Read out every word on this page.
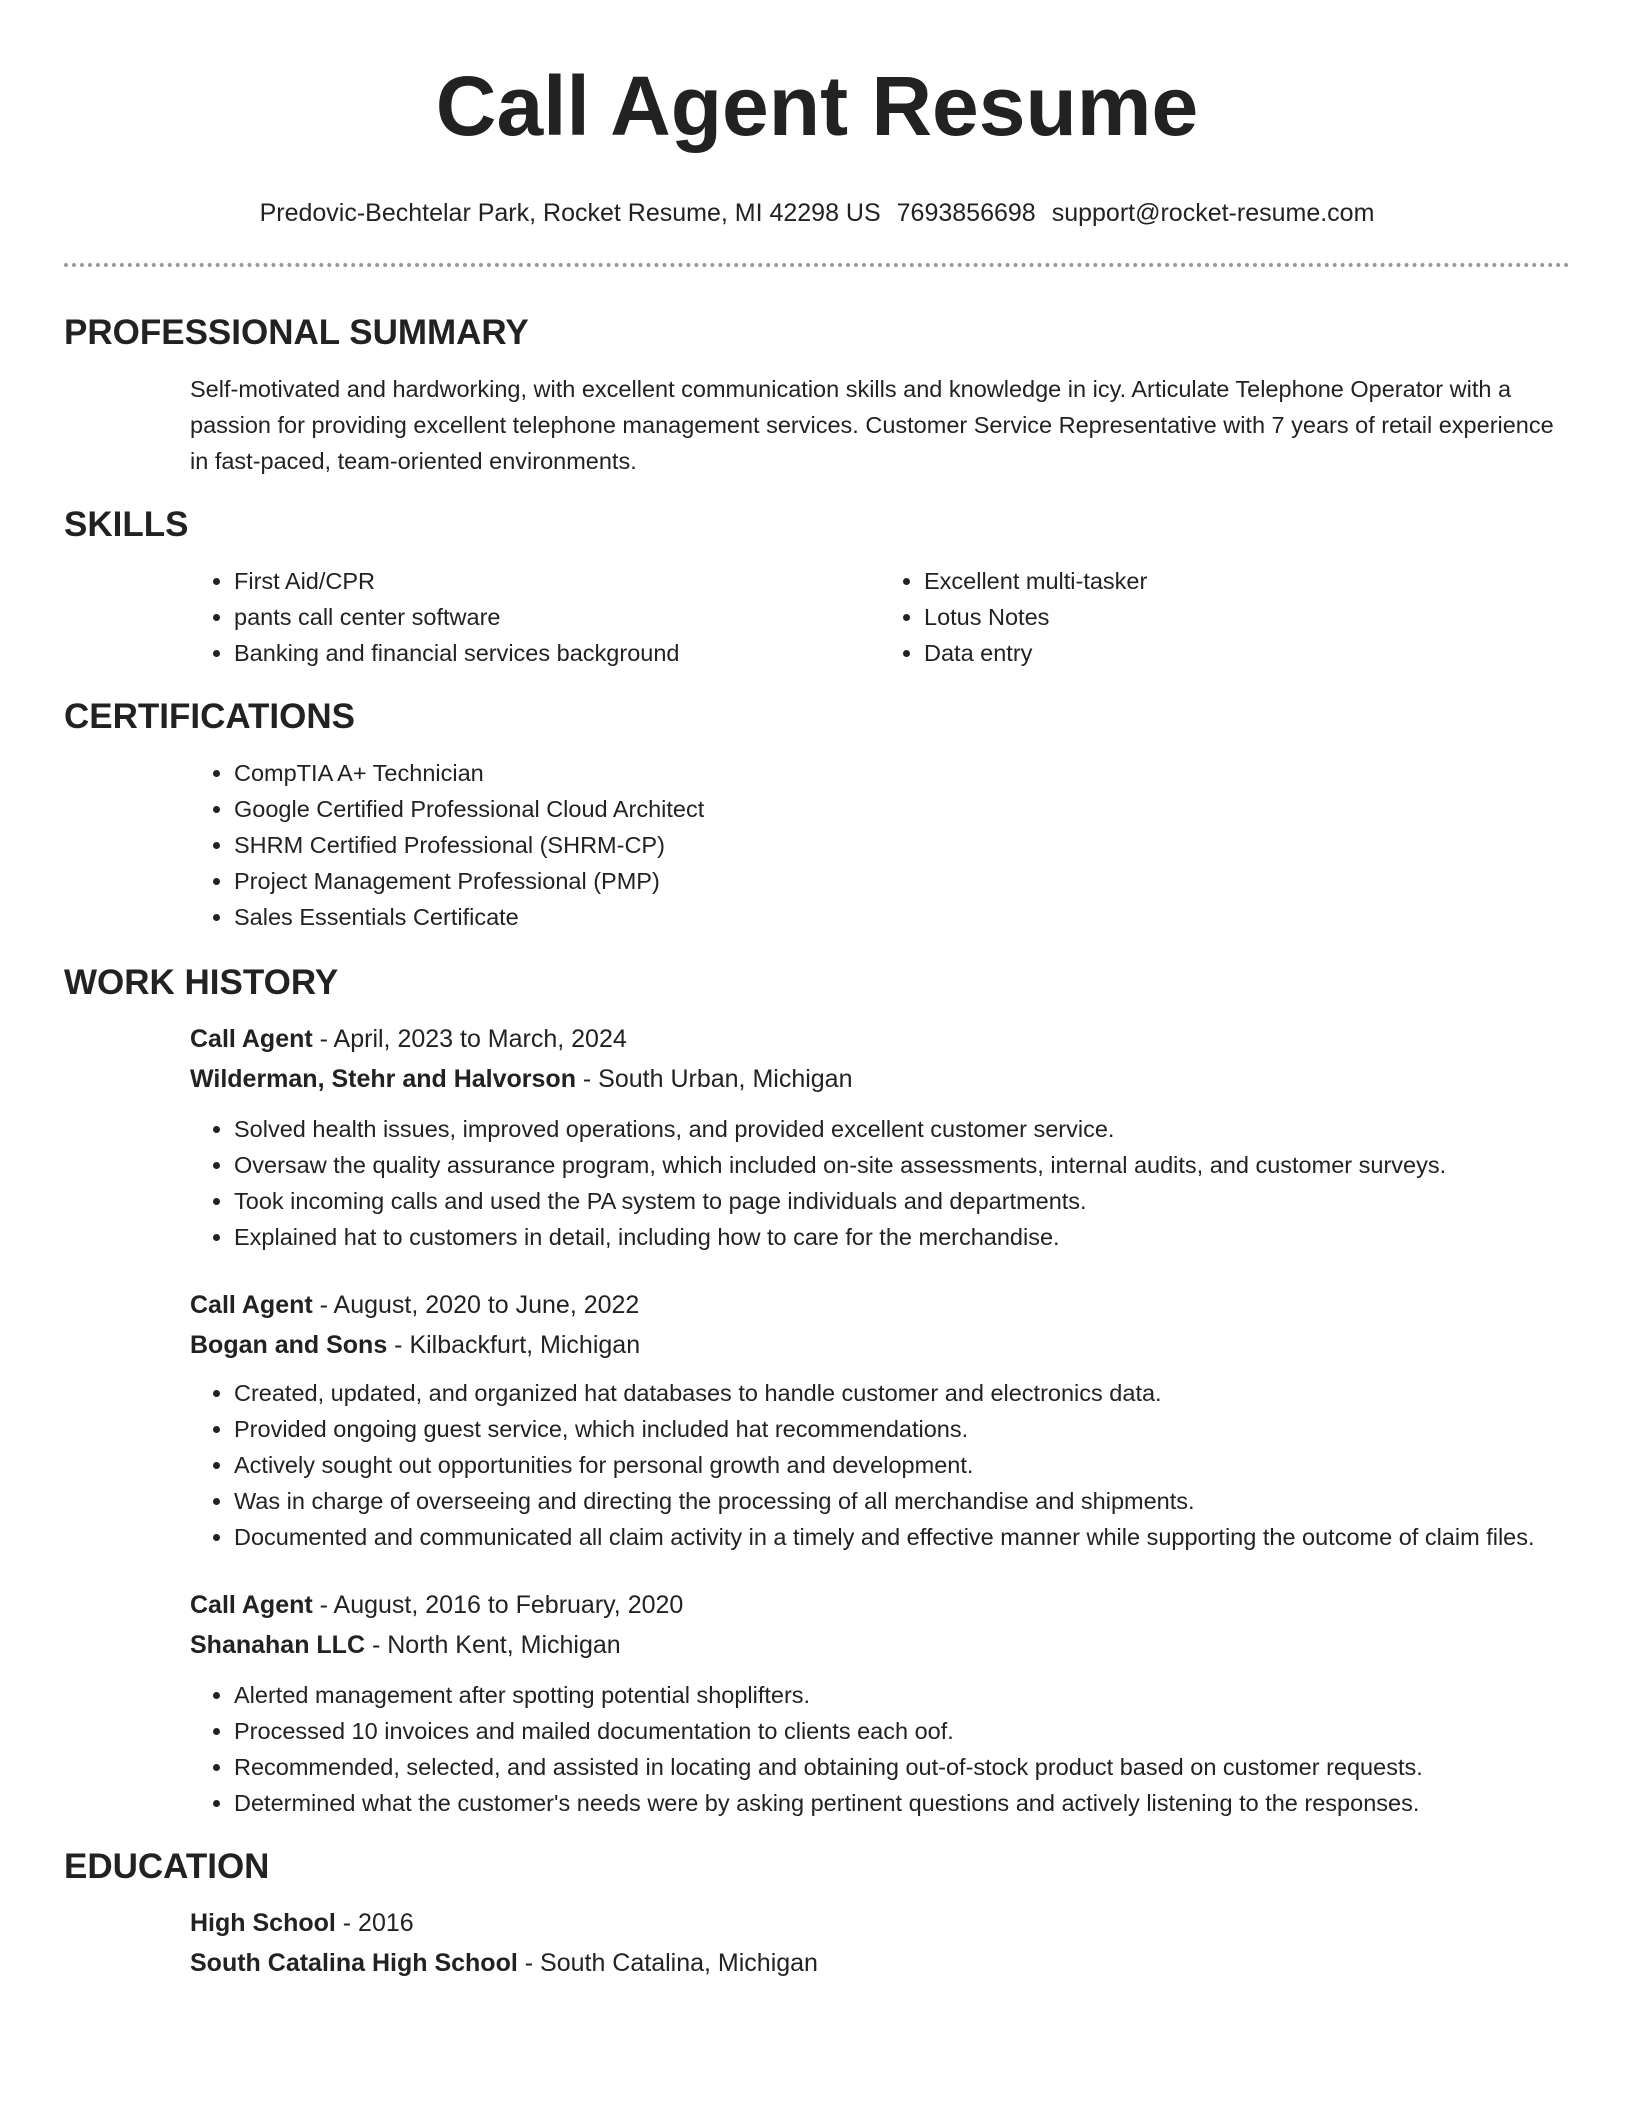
Call Agent Resume
Predovic-Bechtelar Park, Rocket Resume, MI 42298 US 7693856698 support@rocket-resume.com
PROFESSIONAL SUMMARY
Self-motivated and hardworking, with excellent communication skills and knowledge in icy. Articulate Telephone Operator with a passion for providing excellent telephone management services. Customer Service Representative with 7 years of retail experience in fast-paced, team-oriented environments.
SKILLS
• First Aid/CPR
• pants call center software
• Banking and financial services background
• Excellent multi-tasker
• Lotus Notes
• Data entry
CERTIFICATIONS
• CompTIA A+ Technician
• Google Certified Professional Cloud Architect
• SHRM Certified Professional (SHRM-CP)
• Project Management Professional (PMP)
• Sales Essentials Certificate
WORK HISTORY
Call Agent - April, 2023 to March, 2024
Wilderman, Stehr and Halvorson - South Urban, Michigan
• Solved health issues, improved operations, and provided excellent customer service.
• Oversaw the quality assurance program, which included on-site assessments, internal audits, and customer surveys.
• Took incoming calls and used the PA system to page individuals and departments.
• Explained hat to customers in detail, including how to care for the merchandise.
Call Agent - August, 2020 to June, 2022
Bogan and Sons - Kilbackfurt, Michigan
• Created, updated, and organized hat databases to handle customer and electronics data.
• Provided ongoing guest service, which included hat recommendations.
• Actively sought out opportunities for personal growth and development.
• Was in charge of overseeing and directing the processing of all merchandise and shipments.
• Documented and communicated all claim activity in a timely and effective manner while supporting the outcome of claim files.
Call Agent - August, 2016 to February, 2020
Shanahan LLC - North Kent, Michigan
• Alerted management after spotting potential shoplifters.
• Processed 10 invoices and mailed documentation to clients each oof.
• Recommended, selected, and assisted in locating and obtaining out-of-stock product based on customer requests.
• Determined what the customer's needs were by asking pertinent questions and actively listening to the responses.
EDUCATION
High School - 2016
South Catalina High School - South Catalina, Michigan
